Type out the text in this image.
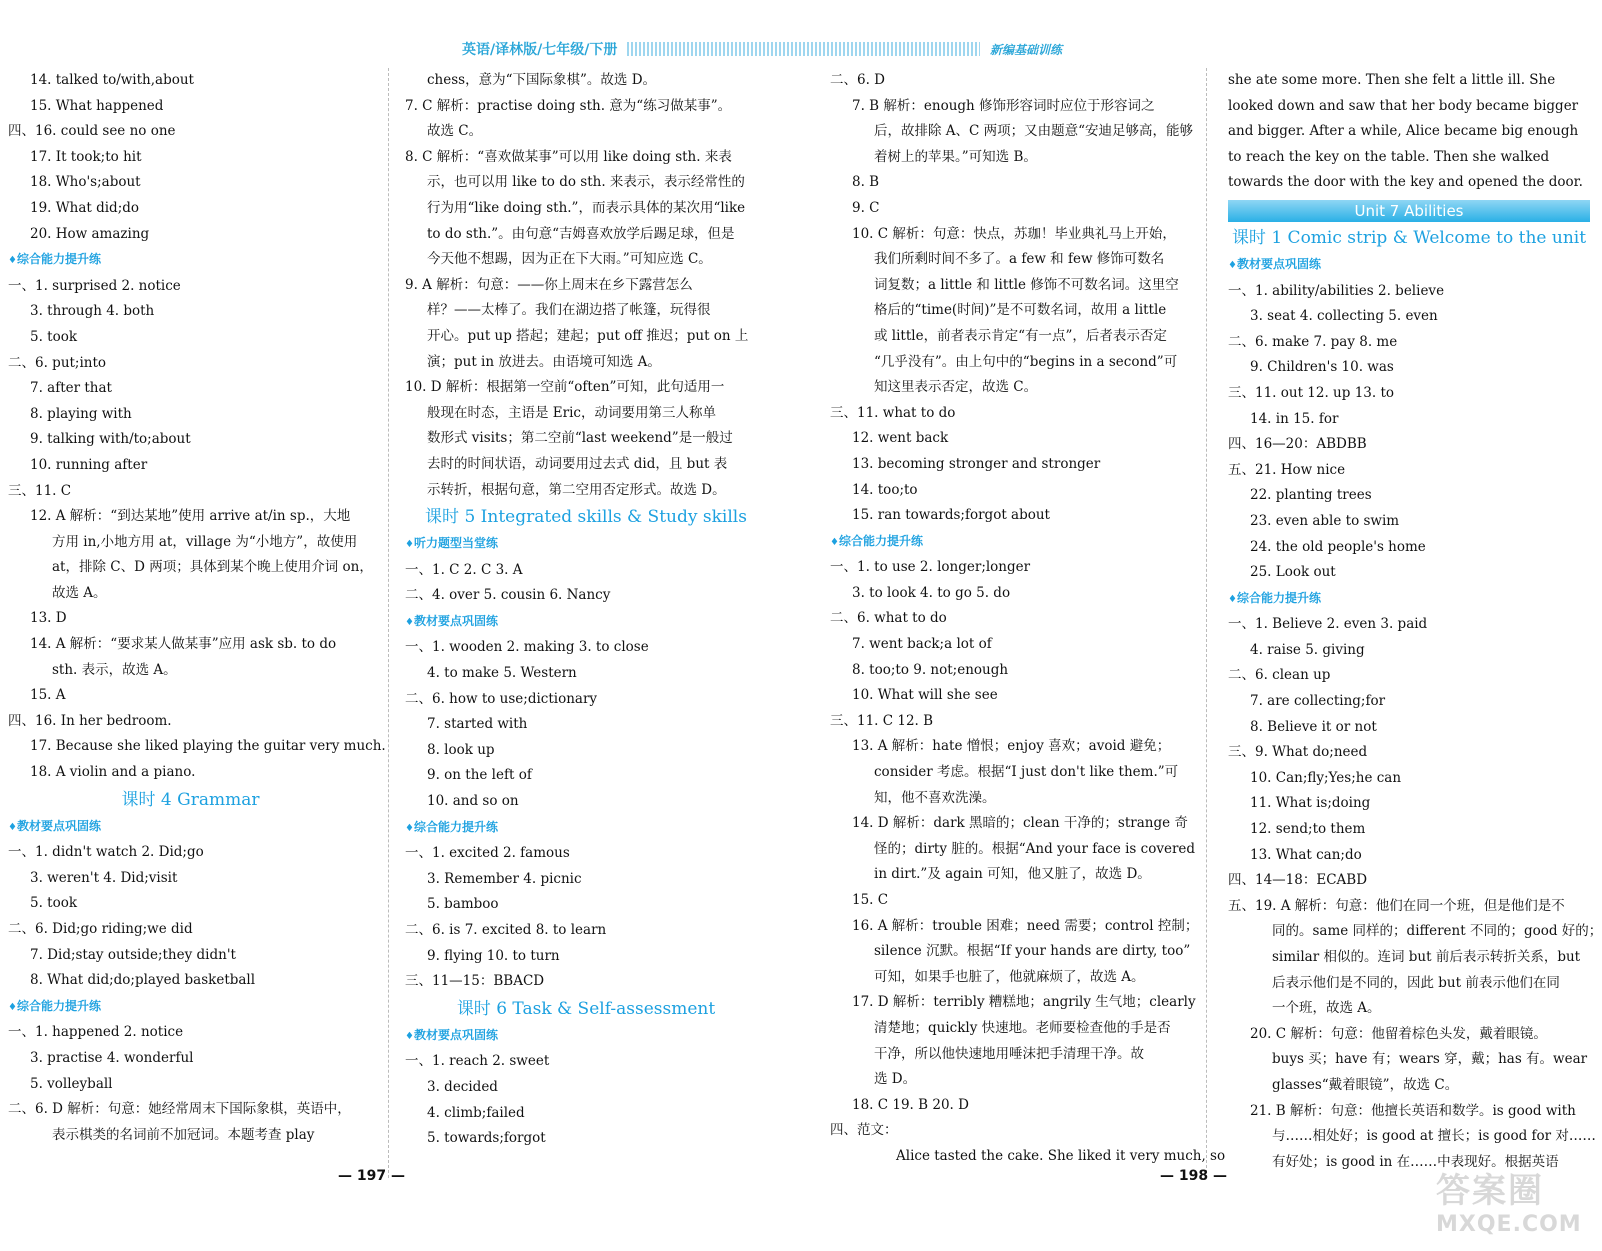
英语/译林版/七年级/下册	新编基础训练
14. talked to/with,about
15. What happened
四、16. could see no one
17. It took;to hit
18. Who's;about
19. What did;do
20. How amazing
♦ 综合能力提升练
一、1. surprised 2. notice
3. through 4. both
5. took
二、6. put;into
7. after that
8. playing with
9. talking with/to;about
10. running after
三、11. C
12. A 解析：“到达某地”使用 arrive at/in sp.，大地
方用 in,小地方用 at，village 为“小地方”，故使用
at，排除 C、D 两项；具体到某个晚上使用介词 on，
故选 A。
13. D
14. A 解析：“要求某人做某事”应用 ask sb. to do
sth. 表示，故选 A。
15. A
四、16. In her bedroom.
17. Because she liked playing the guitar very much.
18. A violin and a piano.
课时 4 Grammar
♦ 教材要点巩固练
一、1. didn't watch 2. Did;go
3. weren't 4. Did;visit
5. took
二、6. Did;go riding;we did
7. Did;stay outside;they didn't
8. What did;do;played basketball
♦ 综合能力提升练
一、1. happened 2. notice
3. practise 4. wonderful
5. volleyball
二、6. D 解析：句意：她经常周末下国际象棋，英语中，
表示棋类的名词前不加冠词。本题考查 play
chess，意为“下国际象棋”。故选 D。
7. C 解析：practise doing sth. 意为“练习做某事”。
故选 C。
8. C 解析：“喜欢做某事”可以用 like doing sth. 来表
示，也可以用 like to do sth. 来表示，表示经常性的
行为用“like doing sth.”，而表示具体的某次用“like
to do sth.”。由句意“吉姆喜欢放学后踢足球，但是
今天他不想踢，因为正在下大雨。”可知应选 C。
9. A 解析：句意：——你上周末在乡下露营怎么
样？——太棒了。我们在湖边搭了帐篷，玩得很
开心。put up 搭起；建起；put off 推迟；put on 上
演；put in 放进去。由语境可知选 A。
10. D 解析：根据第一空前“often”可知，此句适用一
般现在时态，主语是 Eric，动词要用第三人称单
数形式 visits；第二空前“last weekend”是一般过
去时的时间状语，动词要用过去式 did，且 but 表
示转折，根据句意，第二空用否定形式。故选 D。
课时 5 Integrated skills & Study skills
♦ 听力题型当堂练
一、1. C 2. C 3. A
二、4. over 5. cousin 6. Nancy
♦ 教材要点巩固练
一、1. wooden 2. making 3. to close
4. to make 5. Western
二、6. how to use;dictionary
7. started with
8. look up
9. on the left of
10. and so on
♦ 综合能力提升练
一、1. excited 2. famous
3. Remember 4. picnic
5. bamboo
二、6. is 7. excited 8. to learn
9. flying 10. to turn
三、11—15：BBACD
课时 6 Task & Self-assessment
♦ 教材要点巩固练
一、1. reach 2. sweet
3. decided
4. climb;failed
5. towards;forgot
二、6. D
7. B 解析：enough 修饰形容词时应位于形容词之
后，故排除 A、C 两项；又由题意“安迪足够高，能够
着树上的苹果。”可知选 B。
8. B
9. C
10. C 解析：句意：快点，苏珈！毕业典礼马上开始，
我们所剩时间不多了。a few 和 few 修饰可数名
词复数；a little 和 little 修饰不可数名词。这里空
格后的“time(时间)”是不可数名词，故用 a little
或 little，前者表示肯定“有一点”，后者表示否定
“几乎没有”。由上句中的“begins in a second”可
知这里表示否定，故选 C。
三、11. what to do
12. went back
13. becoming stronger and stronger
14. too;to
15. ran towards;forgot about
♦ 综合能力提升练
一、1. to use 2. longer;longer
3. to look 4. to go 5. do
二、6. what to do
7. went back;a lot of
8. too;to 9. not;enough
10. What will she see
三、11. C 12. B
13. A 解析：hate 憎恨；enjoy 喜欢；avoid 避免；
consider 考虑。根据“I just don't like them.”可
知，他不喜欢洗澡。
14. D 解析：dark 黑暗的；clean 干净的；strange 奇
怪的；dirty 脏的。根据“And your face is covered
in dirt.”及 again 可知，他又脏了，故选 D。
15. C
16. A 解析：trouble 困难；need 需要；control 控制；
silence 沉默。根据“If your hands are dirty, too”
可知，如果手也脏了，他就麻烦了，故选 A。
17. D 解析：terribly 糟糕地；angrily 生气地；clearly
清楚地；quickly 快速地。老师要检查他的手是否
干净，所以他快速地用唾沫把手清理干净。故
选 D。
18. C 19. B 20. D
四、范文：
Alice tasted the cake. She liked it very much, so
she ate some more. Then she felt a little ill. She
looked down and saw that her body became bigger
and bigger. After a while, Alice became big enough
to reach the key on the table. Then she walked
towards the door with the key and opened the door.
Unit 7 Abilities
课时 1 Comic strip & Welcome to the unit
♦ 教材要点巩固练
一、1. ability/abilities 2. believe
3. seat 4. collecting 5. even
二、6. make 7. pay 8. me
9. Children's 10. was
三、11. out 12. up 13. to
14. in 15. for
四、16—20：ABDBB
五、21. How nice
22. planting trees
23. even able to swim
24. the old people's home
25. Look out
♦ 综合能力提升练
一、1. Believe 2. even 3. paid
4. raise 5. giving
二、6. clean up
7. are collecting;for
8. Believe it or not
三、9. What do;need
10. Can;fly;Yes;he can
11. What is;doing
12. send;to them
13. What can;do
四、14—18：ECABD
五、19. A 解析：句意：他们在同一个班，但是他们是不
同的。same 同样的；different 不同的；good 好的；
similar 相似的。连词 but 前后表示转折关系，but
后表示他们是不同的，因此 but 前表示他们在同
一个班，故选 A。
20. C 解析：句意：他留着棕色头发，戴着眼镜。
buys 买；have 有；wears 穿，戴；has 有。wear
glasses“戴着眼镜”，故选 C。
21. B 解析：句意：他擅长英语和数学。is good with
与……相处好；is good at 擅长；is good for 对……
有好处；is good in 在……中表现好。根据英语
— 197 —	— 198 —	答案圈
MXQE.COM
